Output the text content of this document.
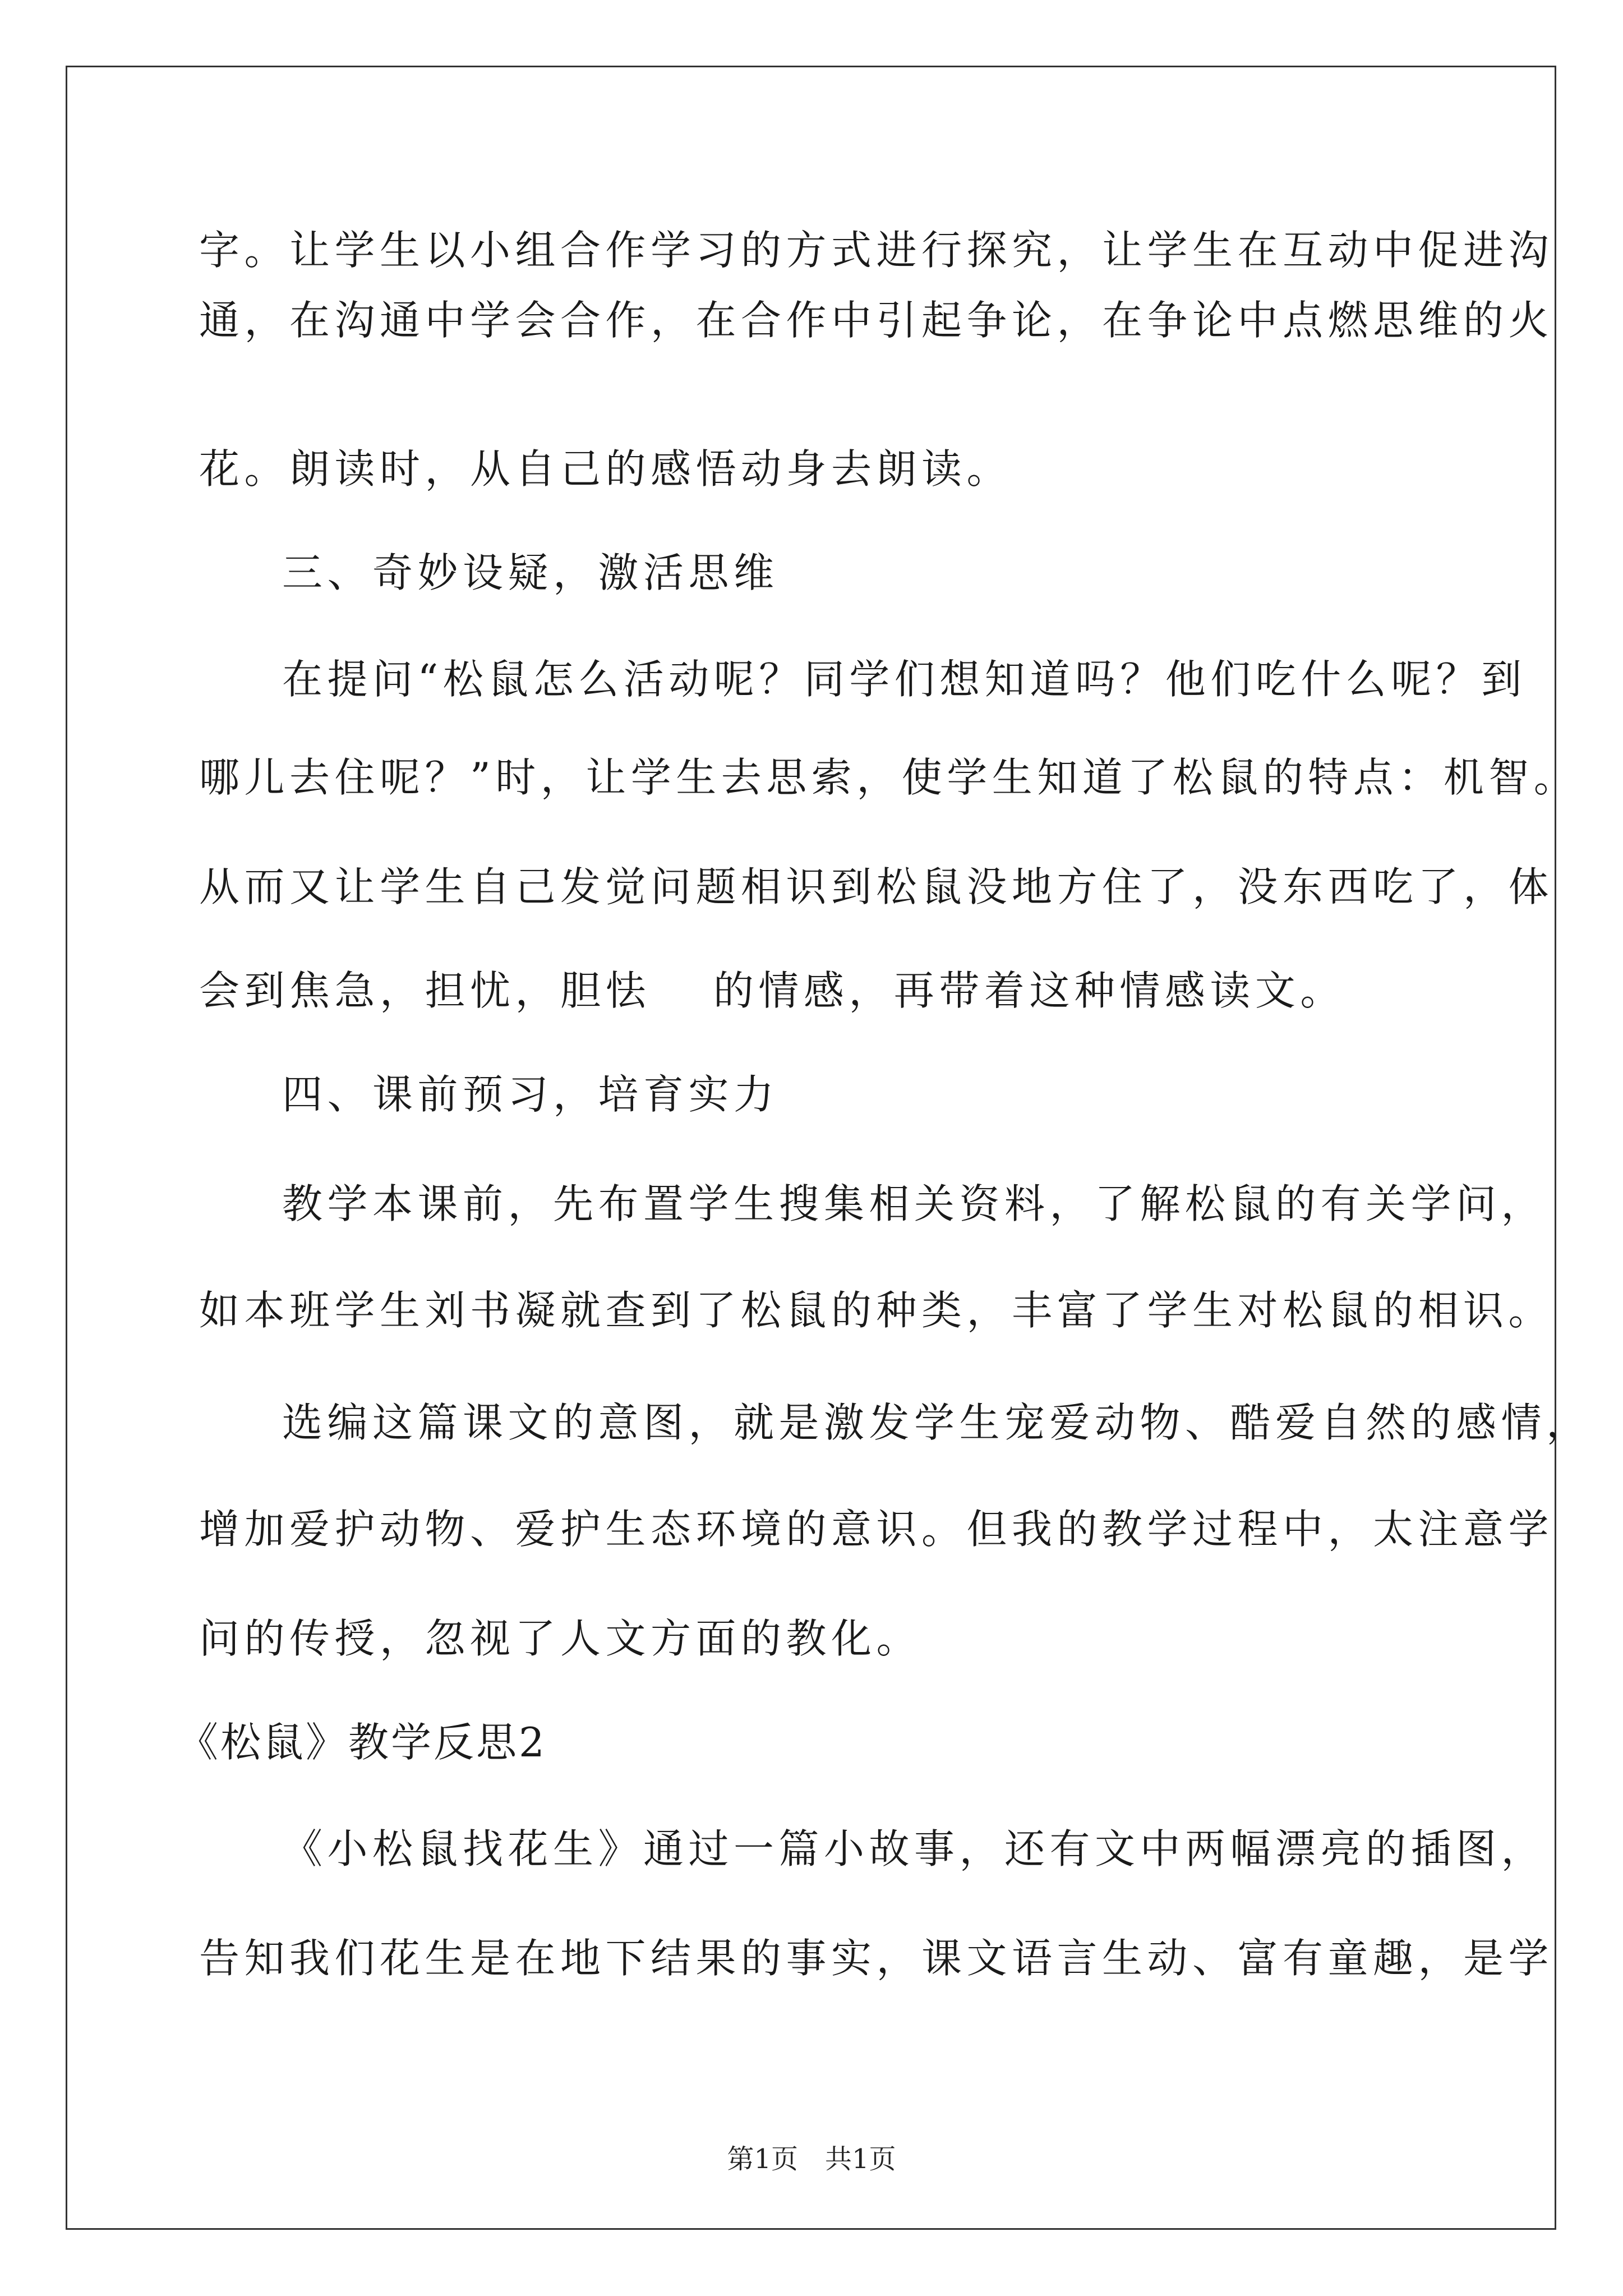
字。让学生以小组合作学习的方式进行探究，让学生在互动中促进沟
通，在沟通中学会合作，在合作中引起争论，在争论中点燃思维的火
花。朗读时，从自己的感悟动身去朗读。
三、奇妙设疑，激活思维
在提问“松鼠怎么活动呢？同学们想知道吗？他们吃什么呢？到
哪儿去住呢？”时，让学生去思索，使学生知道了松鼠的特点：机智。
从而又让学生自己发觉问题相识到松鼠没地方住了，没东西吃了，体
会到焦急，担忧，胆怯　 的情感，再带着这种情感读文。
四、课前预习，培育实力
教学本课前，先布置学生搜集相关资料，了解松鼠的有关学问，
如本班学生刘书凝就查到了松鼠的种类，丰富了学生对松鼠的相识。
选编这篇课文的意图，就是激发学生宠爱动物、酷爱自然的感情，
增加爱护动物、爱护生态环境的意识。但我的教学过程中，太注意学
问的传授，忽视了人文方面的教化。
《松鼠》教学反思2
《小松鼠找花生》通过一篇小故事，还有文中两幅漂亮的插图，
告知我们花生是在地下结果的事实，课文语言生动、富有童趣，是学
第1页　共1页
